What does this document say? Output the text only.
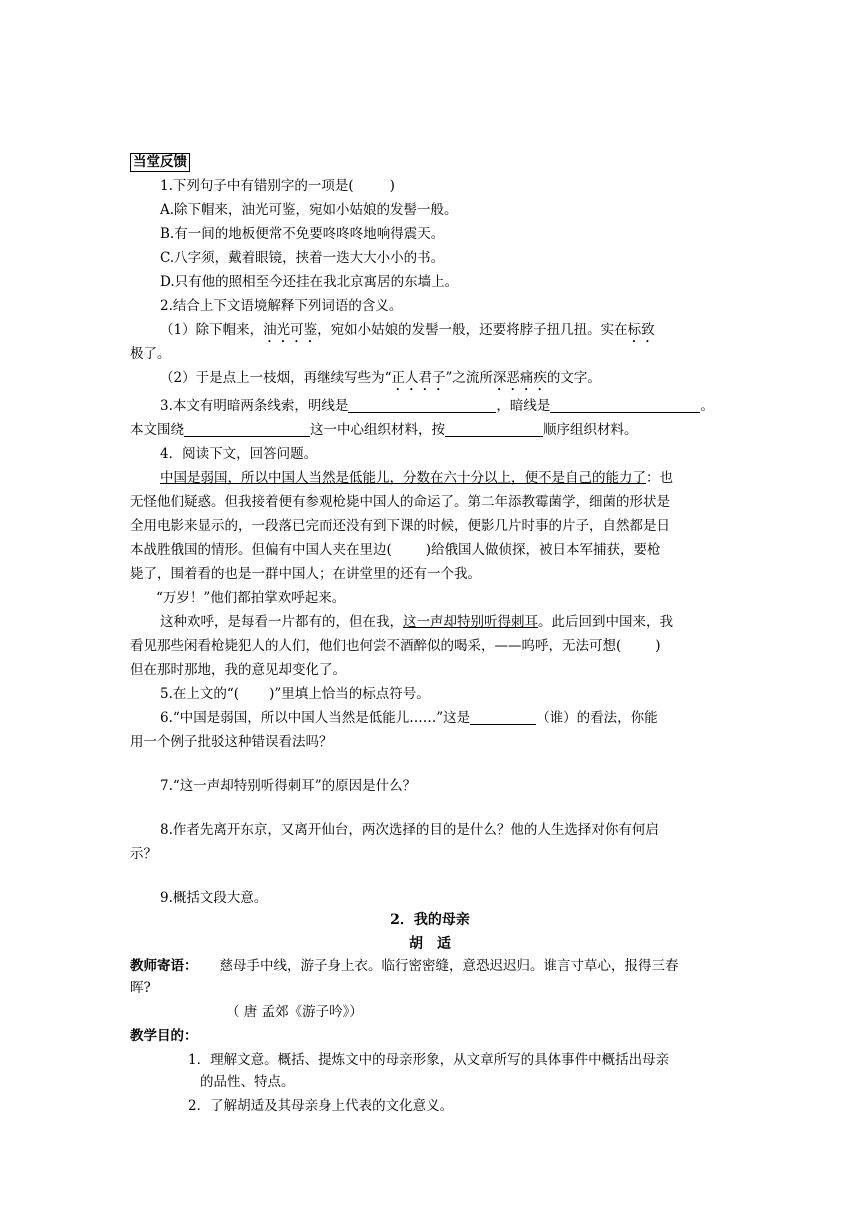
当堂反馈
1.下列句子中有错别字的一项是(	)
A.除下帽来，油光可鉴，宛如小姑娘的发髻一般。
B.有一间的地板便常不免要咚咚咚地响得震天。
C.八字须，戴着眼镜，挟着一迭大大小小的书。
D.只有他的照相至今还挂在我北京寓居的东墙上。
2.结合上下文语境解释下列词语的含义。
（1）除下帽来，油光可鉴，宛如小姑娘的发髻一般，还要将脖子扭几扭。实在标致
极了。
（2）于是点上一枝烟，再继续写些为“正人君子”之流所深恶痛疾的文字。
3.本文有明暗两条线索，明线是	，暗线是	。
本文围绕	这一中心组织材料，按	顺序组织材料。
4．阅读下文，回答问题。
中国是弱国，所以中国人当然是低能儿，分数在六十分以上，便不是自己的能力了：也
无怪他们疑惑。但我接着便有参观枪毙中国人的命运了。第二年添教霉菌学，细菌的形状是
全用电影来显示的，一段落已完而还没有到下课的时候，便影几片时事的片子，自然都是日
本战胜俄国的情形。但偏有中国人夹在里边(	)给俄国人做侦探，被日本军捕获，要枪
毙了，围着看的也是一群中国人；在讲堂里的还有一个我。
“万岁！”他们都拍掌欢呼起来。
这种欢呼，是每看一片都有的，但在我，这一声却特别听得刺耳。此后回到中国来，我
看见那些闲看枪毙犯人的人们，他们也何尝不酒醉似的喝采，——呜呼，无法可想(	)
但在那时那地，我的意见却变化了。
5.在上文的“( )”里填上恰当的标点符号。
6.“中国是弱国，所以中国人当然是低能儿……”这是	（谁）的看法，你能
用一个例子批驳这种错误看法吗？
7.“这一声却特别听得刺耳”的原因是什么？
8.作者先离开东京，又离开仙台，两次选择的目的是什么？他的人生选择对你有何启
示？
9.概括文段大意。
2．我的母亲
胡　适
教师寄语： 慈母手中线，游子身上衣。临行密密缝，意恐迟迟归。谁言寸草心，报得三春
晖?
（ 唐 孟郊《游子吟》）
教学目的：
1．理解文意。概括、提炼文中的母亲形象，从文章所写的具体事件中概括出母亲
的品性、特点。
2．了解胡适及其母亲身上代表的文化意义。
